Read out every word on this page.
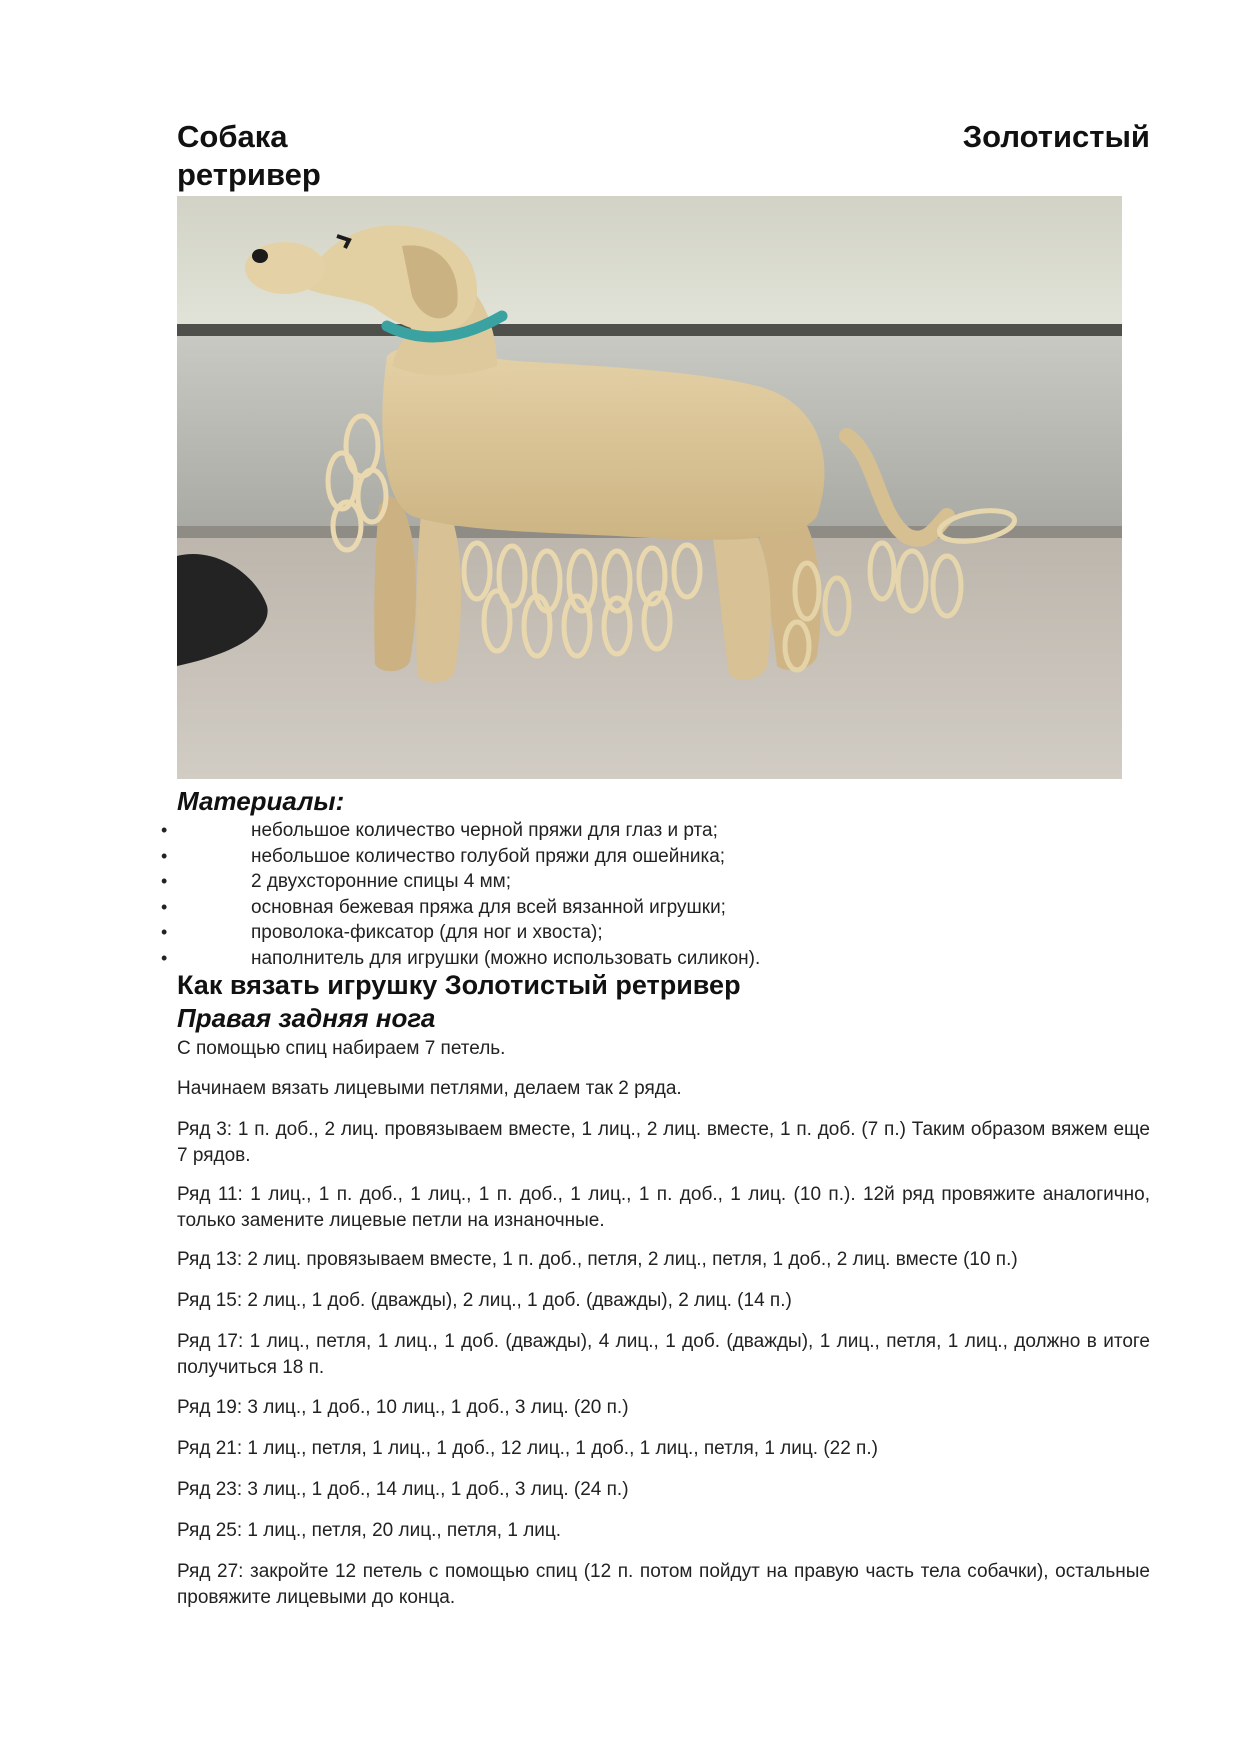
Собака ретривер
Золотистый
Материалы:
•	небольшое количество черной пряжи для глаз и рта;
•	небольшое количество голубой пряжи для ошейника;
•	2 двухсторонние спицы 4 мм;
•	основная бежевая пряжа для всей вязанной игрушки;
•	проволока-фиксатор (для ног и хвоста);
•	наполнитель для игрушки (можно использовать силикон).
Как вязать игрушку Золотистый ретривер
Правая задняя нога

С помощью спиц набираем 7 петель.

Начинаем вязать лицевыми петлями, делаем так 2 ряда.

Ряд 3: 1 п. доб., 2 лиц. провязываем вместе, 1 лиц., 2 лиц. вместе, 1 п. доб. (7 п.) Таким образом вяжем еще 7 рядов.

Ряд 11: 1 лиц., 1 п. доб., 1 лиц., 1 п. доб., 1 лиц., 1 п. доб., 1 лиц. (10 п.). 12й ряд провяжите аналогично, только замените лицевые петли на изнаночные.

Ряд 13: 2 лиц. провязываем вместе, 1 п. доб., петля, 2 лиц., петля, 1 доб., 2 лиц. вместе (10 п.)

Ряд 15: 2 лиц., 1 доб. (дважды), 2 лиц., 1 доб. (дважды), 2 лиц. (14 п.)

Ряд 17: 1 лиц., петля, 1 лиц., 1 доб. (дважды), 4 лиц., 1 доб. (дважды), 1 лиц., петля, 1 лиц., должно в итоге получиться 18 п.

Ряд 19: 3 лиц., 1 доб., 10 лиц., 1 доб., 3 лиц. (20 п.)

Ряд 21: 1 лиц., петля, 1 лиц., 1 доб., 12 лиц., 1 доб., 1 лиц., петля, 1 лиц. (22 п.)

Ряд 23: 3 лиц., 1 доб., 14 лиц., 1 доб., 3 лиц. (24 п.)

Ряд 25: 1 лиц., петля, 20 лиц., петля, 1 лиц.

Ряд 27: закройте 12 петель с помощью спиц (12 п. потом пойдут на правую часть тела собачки), остальные провяжите лицевыми до конца.
